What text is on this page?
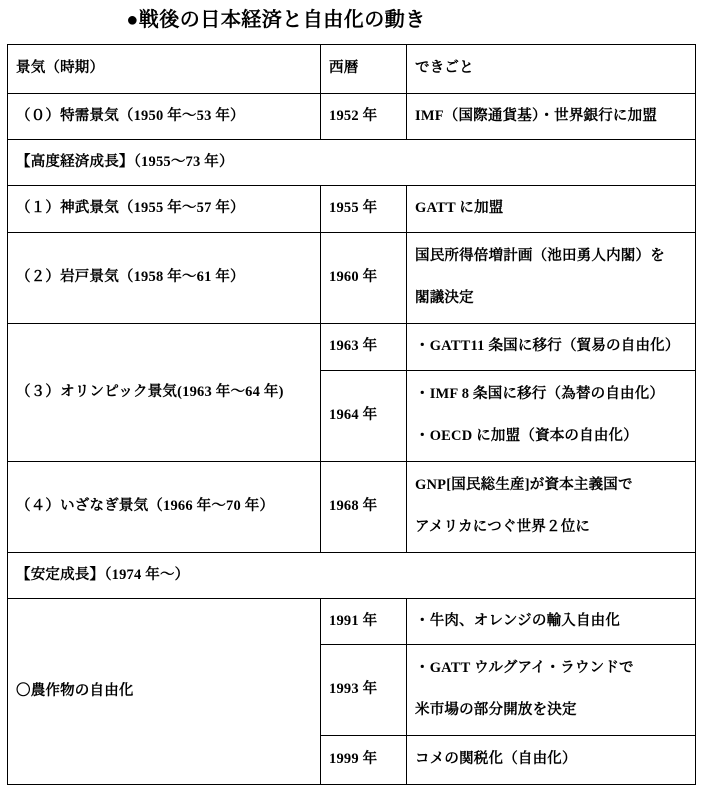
●戦後の日本経済と自由化の動き
景気（時期）	西暦	できごと
（０）特需景気（1950 年～53 年）	1952 年	IMF（国際通貨基）・世界銀行に加盟
【高度経済成長】（1955～73 年）		
（１）神武景気（1955 年～57 年）	1955 年	GATT に加盟
（２）岩戸景気（1958 年～61 年）	1960 年	国民所得倍増計画（池田勇人内閣）を
閣議決定

（３）オリンピック景気(1963 年～64 年)	1963 年	・GATT11 条国に移行（貿易の自由化）

	1964 年	・IMF 8 条国に移行（為替の自由化）
・OECD に加盟（資本の自由化）

（４）いざなぎ景気（1966 年～70 年）	1968 年	GNP[国民総生産]が資本主義国で
アメリカにつぐ世界２位に

【安定成長】（1974 年～）		
〇農作物の自由化	1991 年	・牛肉、オレンジの輸入自由化

	1993 年	・GATT ウルグアイ・ラウンドで
米市場の部分開放を決定

	1999 年	コメの関税化（自由化）
